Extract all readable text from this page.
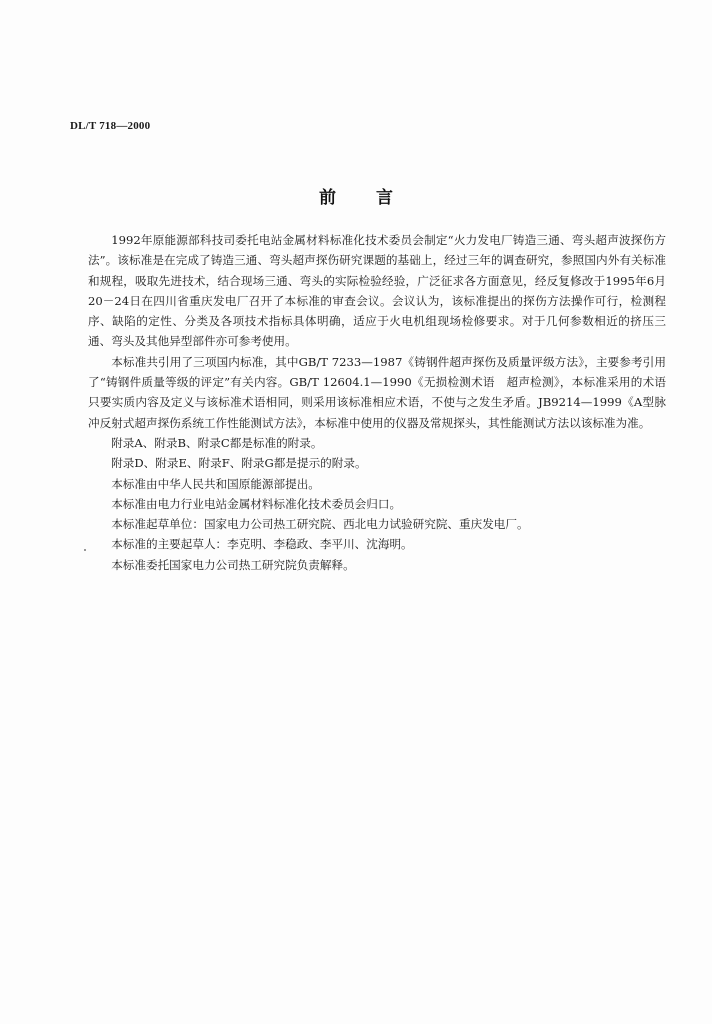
DL/T 718—2000
前言

1992年原能源部科技司委托电站金属材料标准化技术委员会制定“火力发电厂铸造三通、弯头超声波探伤方法”。该标准是在完成了铸造三通、弯头超声探伤研究课题的基础上，经过三年的调查研究，参照国内外有关标准和规程，吸取先进技术，结合现场三通、弯头的实际检验经验，广泛征求各方面意见，经反复修改于1995年6月20－24日在四川省重庆发电厂召开了本标准的审查会议。会议认为，该标准提出的探伤方法操作可行，检测程序、缺陷的定性、分类及各项技术指标具体明确，适应于火电机组现场检修要求。对于几何参数相近的挤压三通、弯头及其他异型部件亦可参考使用。

本标准共引用了三项国内标准，其中GB/T 7233—1987《铸钢件超声探伤及质量评级方法》，主要参考引用了“铸钢件质量等级的评定”有关内容。GB/T 12604.1—1990《无损检测术语　超声检测》，本标准采用的术语只要实质内容及定义与该标准术语相同，则采用该标准相应术语，不使与之发生矛盾。JB9214—1999《A型脉冲反射式超声探伤系统工作性能测试方法》，本标准中使用的仪器及常规探头，其性能测试方法以该标准为准。

附录A、附录B、附录C都是标准的附录。

附录D、附录E、附录F、附录G都是提示的附录。

本标准由中华人民共和国原能源部提出。

本标准由电力行业电站金属材料标准化技术委员会归口。

本标准起草单位：国家电力公司热工研究院、西北电力试验研究院、重庆发电厂。

本标准的主要起草人：李克明、李稳政、李平川、沈海明。

本标准委托国家电力公司热工研究院负责解释。
